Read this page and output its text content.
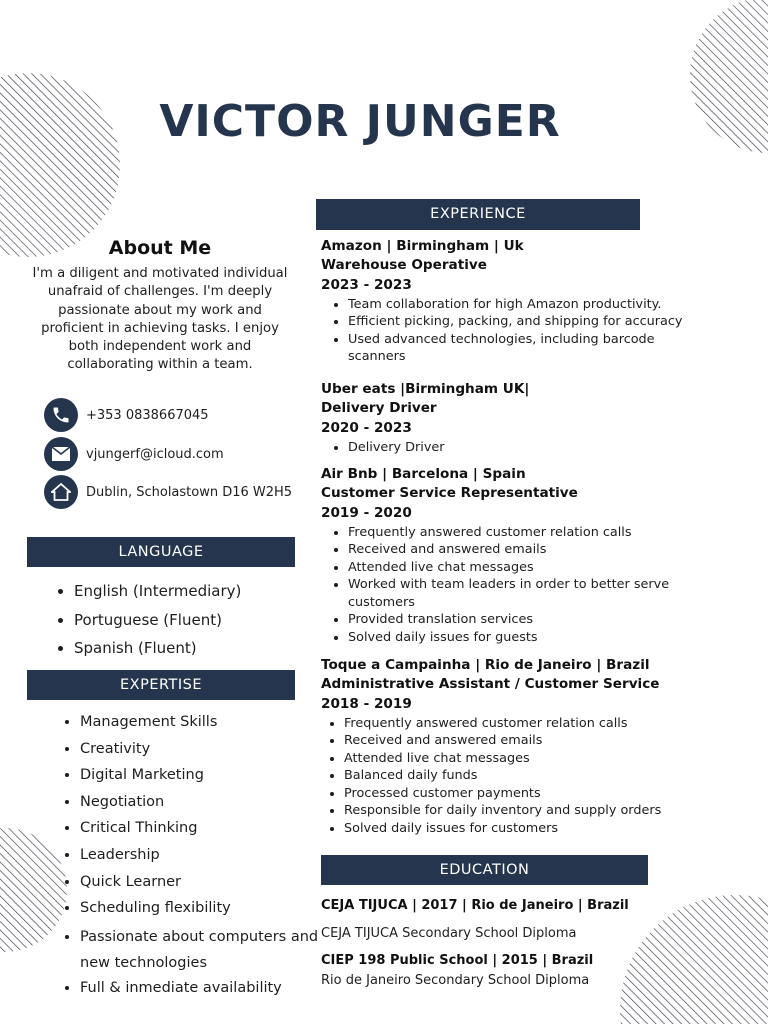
VICTOR JUNGER
About Me

I'm a diligent and motivated individual unafraid of challenges. I'm deeply passionate about my work and proficient in achieving tasks. I enjoy both independent work and collaborating within a team.

+353 0838667045
vjungerf@icloud.com
Dublin, Scholastown D16 W2H5
LANGUAGE
• English (Intermediary)
• Portuguese (Fluent)
• Spanish (Fluent)
EXPERTISE
• Management Skills
• Creativity
• Digital Marketing
• Negotiation
• Critical Thinking
• Leadership
• Quick Learner
• Scheduling flexibility
• Passionate about computers and new technologies
• Full & inmediate availability
EXPERIENCE

Amazon | Birmingham | Uk

Warehouse Operative

2023 - 2023

• Team collaboration for high Amazon productivity.
• Efficient picking, packing, and shipping for accuracy
• Used advanced technologies, including barcode scanners

Uber eats |Birmingham UK|

Delivery Driver

2020 - 2023

• Delivery Driver

Air Bnb | Barcelona | Spain

Customer Service Representative

2019 - 2020

• Frequently answered customer relation calls
• Received and answered emails
• Attended live chat messages
• Worked with team leaders in order to better serve customers
• Provided translation services
• Solved daily issues for guests

Toque a Campainha | Rio de Janeiro | Brazil

Administrative Assistant / Customer Service

2018 - 2019

• Frequently answered customer relation calls
• Received and answered emails
• Attended live chat messages
• Balanced daily funds
• Processed customer payments
• Responsible for daily inventory and supply orders
• Solved daily issues for customers
EDUCATION

CEJA TIJUCA | 2017 | Rio de Janeiro | Brazil

CEJA TIJUCA Secondary School Diploma

CIEP 198 Public School | 2015 | Brazil

Rio de Janeiro Secondary School Diploma
